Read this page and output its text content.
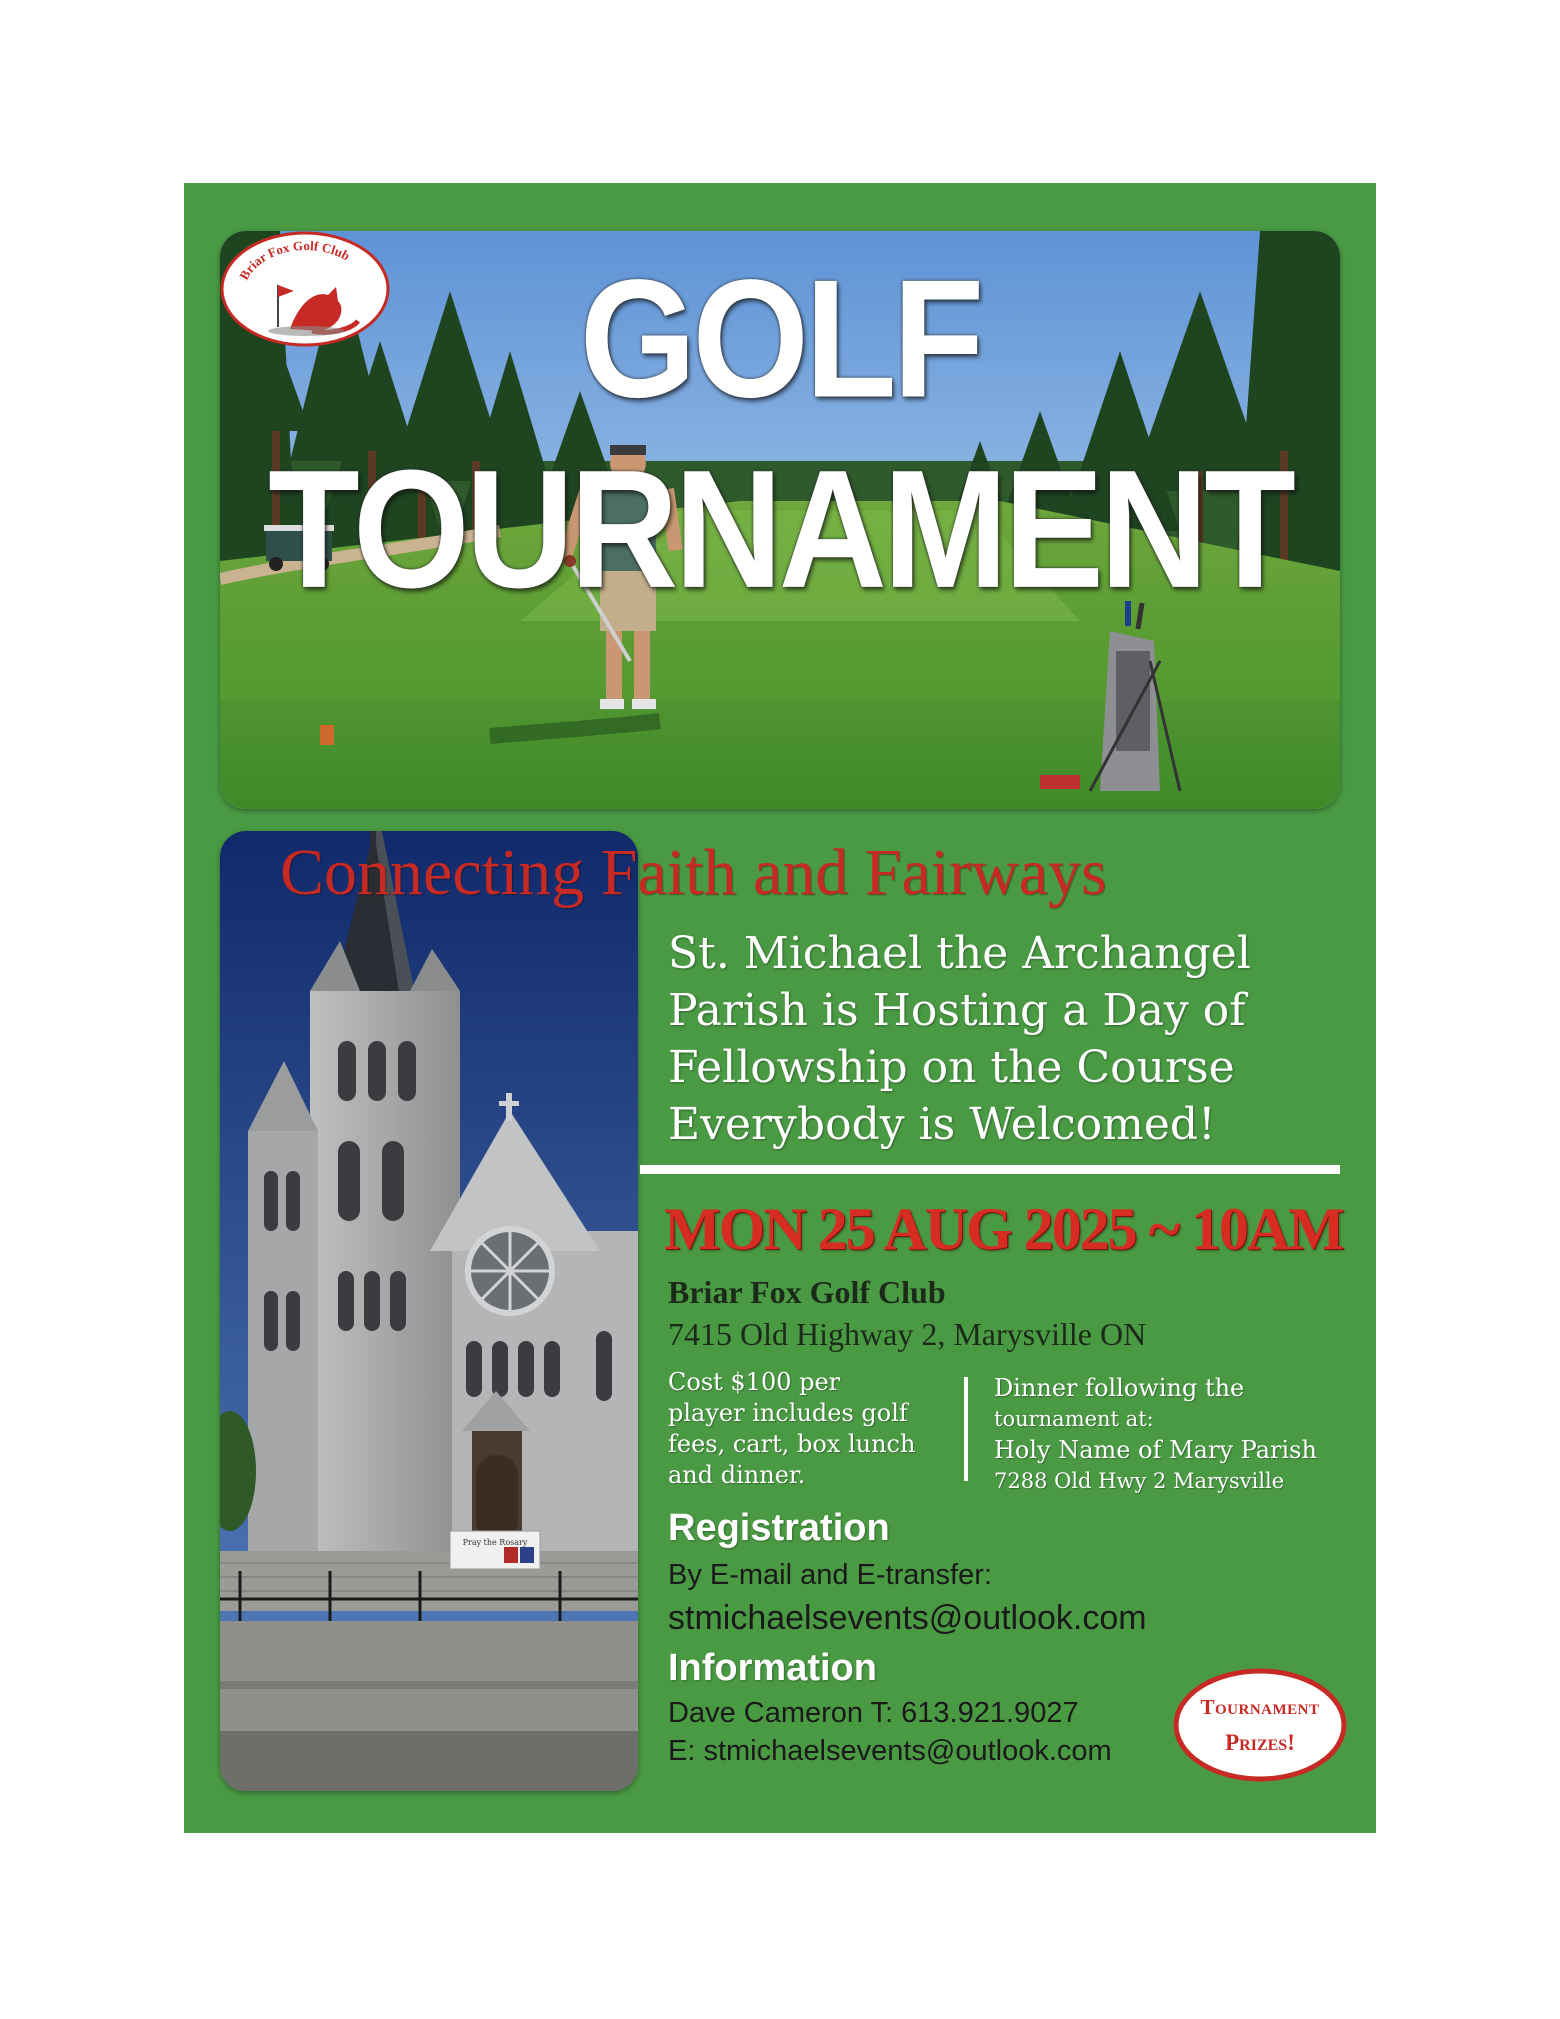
GOLF TOURNAMENT
Briar Fox Golf Club
Pray the Rosary
Connecting Faith and Fairways
St. Michael the Archangel
Parish is Hosting a Day of
Fellowship on the Course
Everybody is Welcomed!
MON 25 AUG 2025 ~ 10AM
Briar Fox Golf Club
7415 Old Highway 2, Marysville ON
Cost $100 per
player includes golf
fees, cart, box lunch
and dinner.
Dinner following the
tournament at:
Holy Name of Mary Parish
7288 Old Hwy 2 Marysville
Registration
By E-mail and E-transfer:
stmichaelsevents@outlook.com
Information
Dave Cameron T: 613.921.9027
E: stmichaelsevents@outlook.com
Tournament
Prizes!
